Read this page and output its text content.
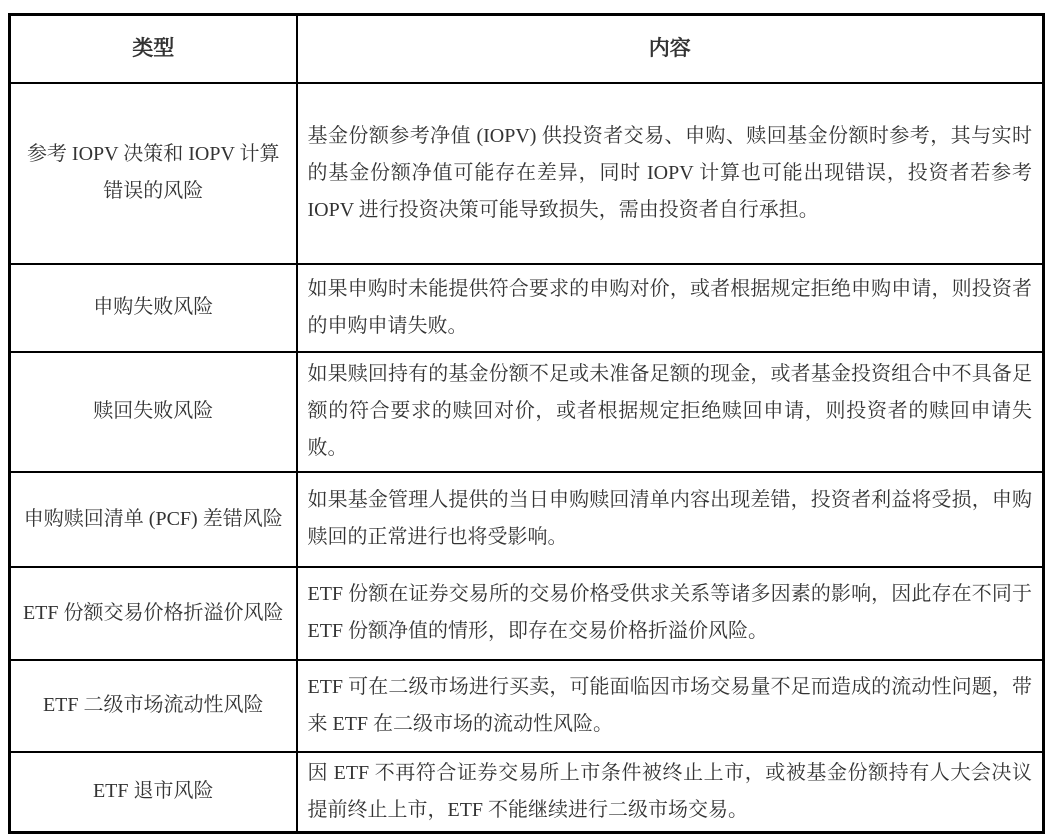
类型	内容
参考 IOPV 决策和 IOPV 计算错误的风险	基金份额参考净值 (IOPV) 供投资者交易、申购、赎回基金份额时参考，其与实时的基金份额净值可能存在差异，同时 IOPV 计算也可能出现错误，投资者若参考 IOPV 进行投资决策可能导致损失，需由投资者自行承担。
申购失败风险	如果申购时未能提供符合要求的申购对价，或者根据规定拒绝申购申请，则投资者的申购申请失败。
赎回失败风险	如果赎回持有的基金份额不足或未准备足额的现金，或者基金投资组合中不具备足额的符合要求的赎回对价，或者根据规定拒绝赎回申请，则投资者的赎回申请失败。
申购赎回清单 (PCF) 差错风险	如果基金管理人提供的当日申购赎回清单内容出现差错，投资者利益将受损，申购赎回的正常进行也将受影响。
ETF 份额交易价格折溢价风险	ETF 份额在证券交易所的交易价格受供求关系等诸多因素的影响，因此存在不同于 ETF 份额净值的情形，即存在交易价格折溢价风险。
ETF 二级市场流动性风险	ETF 可在二级市场进行买卖，可能面临因市场交易量不足而造成的流动性问题，带来 ETF 在二级市场的流动性风险。
ETF 退市风险	因 ETF 不再符合证券交易所上市条件被终止上市，或被基金份额持有人大会决议提前终止上市，ETF 不能继续进行二级市场交易。
